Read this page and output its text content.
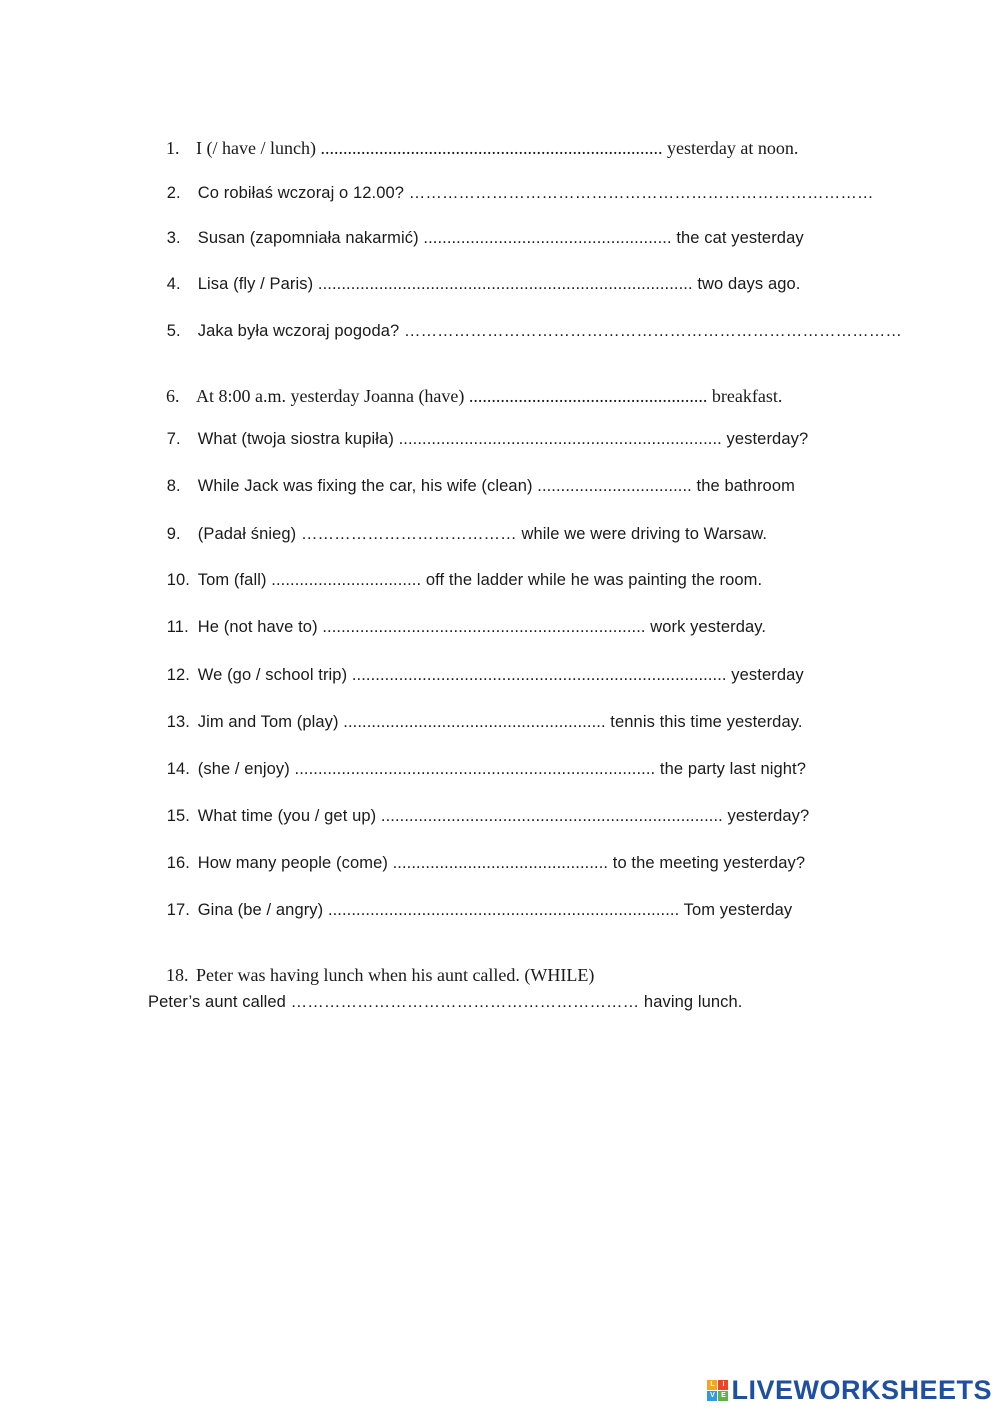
1. I (/ have / lunch) ............................................................................ yesterday at noon.

2. Co robiłaś wczoraj o 12.00? …………………………………………………………………………

3. Susan (zapomniała nakarmić) ..................................................... the cat yesterday

4. Lisa (fly / Paris) ................................................................................ two days ago.

5. Jaka była wczoraj pogoda? ………………………………………………………………………………

6. At 8:00 a.m. yesterday Joanna (have) ..................................................... breakfast.

7. What (twoja siostra kupiła) ..................................................................... yesterday?

8. While Jack was fixing the car, his wife (clean) ................................. the bathroom

9. (Padał śnieg) ………………………………… while we were driving to Warsaw.

10. Tom (fall) ................................ off the ladder while he was painting the room.

11. He (not have to) ..................................................................... work yesterday.

12. We (go / school trip) ................................................................................ yesterday

13. Jim and Tom (play) ........................................................ tennis this time yesterday.

14. (she / enjoy) ............................................................................. the party last night?

15. What time (you / get up) ......................................................................... yesterday?

16. How many people (come) .............................................. to the meeting yesterday?

17. Gina (be / angry) ........................................................................... Tom yesterday

18. Peter was having lunch when his aunt called. (WHILE)

Peter’s aunt called ……………………………………………………… having lunch.
L	I
V E LIVEWORKSHEETS
